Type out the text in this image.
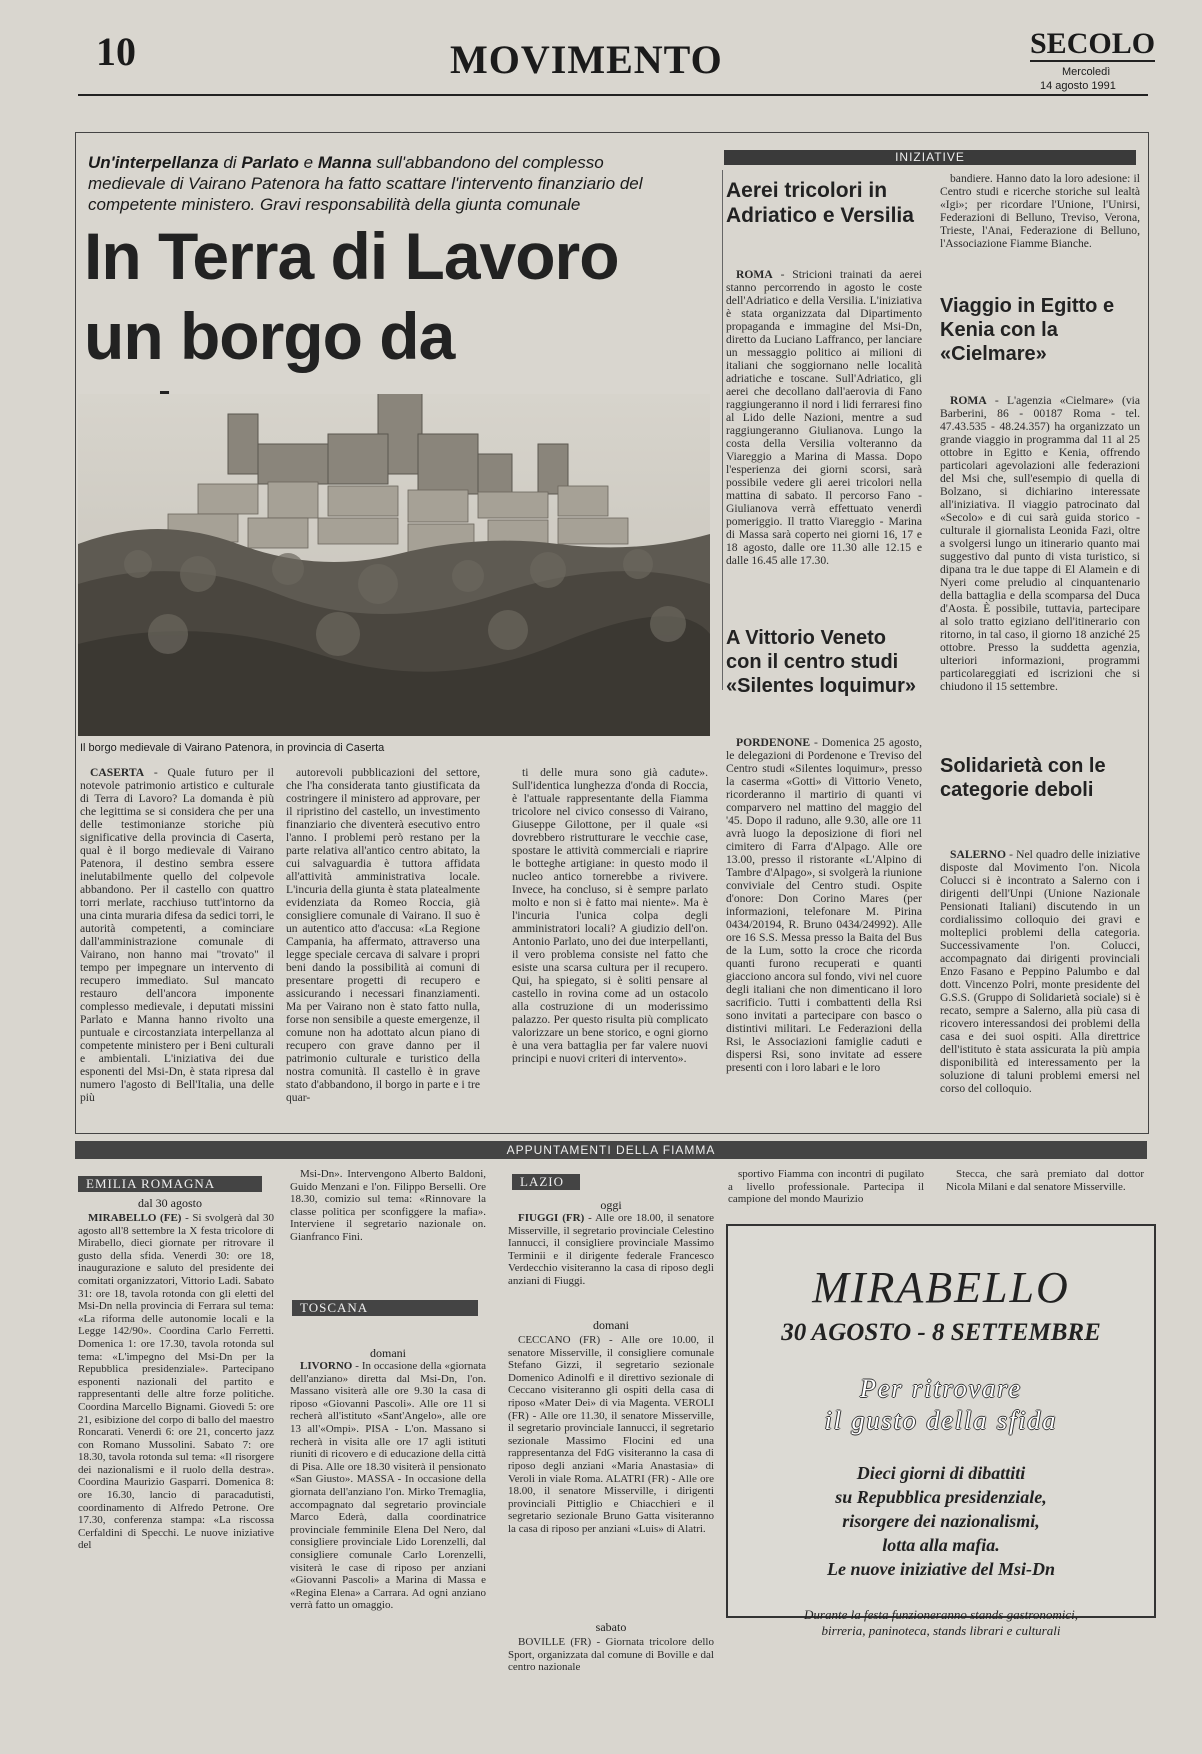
10	MOVIMENTO	SECOLO
Mercoledì
14 agosto 1991
Un'interpellanza di Parlato e Manna sull'abbandono del complesso medievale di Vairano Patenora ha fatto scattare l'intervento finanziario del competente ministero. Gravi responsabilità della giunta comunale
In Terra di Lavoro
un borgo da
Il borgo medievale di Vairano Patenora, in provincia di Caserta

CASERTA - Quale futuro per il notevole patrimonio artistico e culturale di Terra di Lavoro? La domanda è più che legittima se si considera che per una delle testimonianze storiche più significative della provincia di Caserta, qual è il borgo medievale di Vairano Patenora, il destino sembra essere inelutabilmente quello del colpevole abbandono. Per il castello con quattro torri merlate, racchiuso tutt'intorno da una cinta muraria difesa da sedici torri, le autorità competenti, a cominciare dall'amministrazione comunale di Vairano, non hanno mai "trovato" il tempo per impegnare un intervento di recupero immediato. Sul mancato restauro dell'ancora imponente complesso medievale, i deputati missini Parlato e Manna hanno rivolto una puntuale e circostanziata interpellanza al competente ministero per i Beni culturali e ambientali. L'iniziativa dei due esponenti del Msi-Dn, è stata ripresa dal numero l'agosto di Bell'Italia, una delle più

autorevoli pubblicazioni del settore, che l'ha considerata tanto giustificata da costringere il ministero ad approvare, per il ripristino del castello, un investimento finanziario che diventerà esecutivo entro l'anno. I problemi però restano per la parte relativa all'antico centro abitato, la cui salvaguardia è tuttora affidata all'attività amministrativa locale. L'incuria della giunta è stata platealmente evidenziata da Romeo Roccia, già consigliere comunale di Vairano. Il suo è un autentico atto d'accusa: «La Regione Campania, ha affermato, attraverso una legge speciale cercava di salvare i propri beni dando la possibilità ai comuni di presentare progetti di recupero e assicurando i necessari finanziamenti. Ma per Vairano non è stato fatto nulla, forse non sensibile a queste emergenze, il comune non ha adottato alcun piano di recupero con grave danno per il patrimonio culturale e turistico della nostra comunità. Il castello è in grave stato d'abbandono, il borgo in parte e i tre quar-

ti delle mura sono già cadute». Sull'identica lunghezza d'onda di Roccia, è l'attuale rappresentante della Fiamma tricolore nel civico consesso di Vairano, Giuseppe Gilottone, per il quale «si dovrebbero ristrutturare le vecchie case, spostare le attività commerciali e riaprire le botteghe artigiane: in questo modo il nucleo antico tornerebbe a rivivere. Invece, ha concluso, si è sempre parlato molto e non si è fatto mai niente». Ma è l'incuria l'unica colpa degli amministratori locali? A giudizio dell'on. Antonio Parlato, uno dei due interpellanti, il vero problema consiste nel fatto che esiste una scarsa cultura per il recupero. Qui, ha spiegato, si è soliti pensare al castello in rovina come ad un ostacolo alla costruzione di un moderissimo palazzo. Per questo risulta più complicato valorizzare un bene storico, e ogni giorno è una vera battaglia per far valere nuovi principi e nuovi criteri di intervento».

INIZIATIVE
Aerei tricolori in Adriatico e Versilia

ROMA - Stricioni trainati da aerei stanno percorrendo in agosto le coste dell'Adriatico e della Versilia. L'iniziativa è stata organizzata dal Dipartimento propaganda e immagine del Msi-Dn, diretto da Luciano Laffranco, per lanciare un messaggio politico ai milioni di italiani che soggiornano nelle località adriatiche e toscane. Sull'Adriatico, gli aerei che decollano dall'aerovia di Fano raggiungeranno il nord i lidi ferraresi fino al Lido delle Nazioni, mentre a sud raggiungeranno Giulianova. Lungo la costa della Versilia volteranno da Viareggio a Marina di Massa. Dopo l'esperienza dei giorni scorsi, sarà possibile vedere gli aerei tricolori nella mattina di sabato. Il percorso Fano - Giulianova verrà effettuato venerdì pomeriggio. Il tratto Viareggio - Marina di Massa sarà coperto nei giorni 16, 17 e 18 agosto, dalle ore 11.30 alle 12.15 e dalle 16.45 alle 17.30.

A Vittorio Veneto con il centro studi «Silentes loquimur»

PORDENONE - Domenica 25 agosto, le delegazioni di Pordenone e Treviso del Centro studi «Silentes loquimur», presso la caserma «Gotti» di Vittorio Veneto, ricorderanno il martirio di quanti vi comparvero nel mattino del maggio del '45. Dopo il raduno, alle 9.30, alle ore 11 avrà luogo la deposizione di fiori nel cimitero di Farra d'Alpago. Alle ore 13.00, presso il ristorante «L'Alpino di Tambre d'Alpago», si svolgerà la riunione conviviale del Centro studi. Ospite d'onore: Don Corino Mares (per informazioni, telefonare M. Pirina 0434/20194, R. Bruno 0434/24992). Alle ore 16 S.S. Messa presso la Baita del Bus de la Lum, sotto la croce che ricorda quanti furono recuperati e quanti giacciono ancora sul fondo, vivi nel cuore degli italiani che non dimenticano il loro sacrificio. Tutti i combattenti della Rsi sono invitati a partecipare con basco o distintivi militari. Le Federazioni della Rsi, le Associazioni famiglie caduti e dispersi Rsi, sono invitate ad essere presenti con i loro labari e le loro

bandiere. Hanno dato la loro adesione: il Centro studi e ricerche storiche sul lealtà «Igi»; per ricordare l'Unione, l'Unirsi, Federazioni di Belluno, Treviso, Verona, Trieste, l'Anai, Federazione di Belluno, l'Associazione Fiamme Bianche.

Viaggio in Egitto e Kenia con la «Cielmare»

ROMA - L'agenzia «Cielmare» (via Barberini, 86 - 00187 Roma - tel. 47.43.535 - 48.24.357) ha organizzato un grande viaggio in programma dal 11 al 25 ottobre in Egitto e Kenia, offrendo particolari agevolazioni alle federazioni del Msi che, sull'esempio di quella di Bolzano, si dichiarino interessate all'iniziativa. Il viaggio patrocinato dal «Secolo» e di cui sarà guida storico - culturale il giornalista Leonida Fazi, oltre a svolgersi lungo un itinerario quanto mai suggestivo dal punto di vista turistico, si dipana tra le due tappe di El Alamein e di Nyeri come preludio al cinquantenario della battaglia e della scomparsa del Duca d'Aosta. È possibile, tuttavia, partecipare al solo tratto egiziano dell'itinerario con ritorno, in tal caso, il giorno 18 anziché 25 ottobre. Presso la suddetta agenzia, ulteriori informazioni, programmi particolareggiati ed iscrizioni che si chiudono il 15 settembre.

Solidarietà con le categorie deboli

SALERNO - Nel quadro delle iniziative disposte dal Movimento l'on. Nicola Colucci si è incontrato a Salerno con i dirigenti dell'Unpi (Unione Nazionale Pensionati Italiani) discutendo in un cordialissimo colloquio dei gravi e molteplici problemi della categoria. Successivamente l'on. Colucci, accompagnato dai dirigenti provinciali Enzo Fasano e Peppino Palumbo e dal dott. Vincenzo Polri, monte presidente del G.S.S. (Gruppo di Solidarietà sociale) si è recato, sempre a Salerno, alla più casa di ricovero interessandosi dei problemi della casa e dei suoi ospiti. Alla direttrice dell'istituto è stata assicurata la più ampia disponibilità ed interessamento per la soluzione di taluni problemi emersi nel corso del colloquio.

APPUNTAMENTI DELLA FIAMMA
EMILIA ROMAGNA
dal 30 agosto

MIRABELLO (FE) - Si svolgerà dal 30 agosto all'8 settembre la X festa tricolore di Mirabello, dieci giornate per ritrovare il gusto della sfida. Venerdì 30: ore 18, inaugurazione e saluto del presidente dei comitati organizzatori, Vittorio Ladi. Sabato 31: ore 18, tavola rotonda con gli eletti del Msi-Dn nella provincia di Ferrara sul tema: «La riforma delle autonomie locali e la Legge 142/90». Coordina Carlo Ferretti. Domenica 1: ore 17.30, tavola rotonda sul tema: «L'impegno del Msi-Dn per la Repubblica presidenziale». Partecipano esponenti nazionali del partito e rappresentanti delle altre forze politiche. Coordina Marcello Bignami. Giovedì 5: ore 21, esibizione del corpo di ballo del maestro Roncarati. Venerdì 6: ore 21, concerto jazz con Romano Mussolini. Sabato 7: ore 18.30, tavola rotonda sul tema: «Il risorgere dei nazionalismi e il ruolo della destra». Coordina Maurizio Gasparri. Domenica 8: ore 16.30, lancio di paracadutisti, coordinamento di Alfredo Petrone. Ore 17.30, conferenza stampa: «La riscossa Cerfaldini di Specchi. Le nuove iniziative del

Msi-Dn». Intervengono Alberto Baldoni, Guido Menzani e l'on. Filippo Berselli. Ore 18.30, comizio sul tema: «Rinnovare la classe politica per sconfiggere la mafia». Interviene il segretario nazionale on. Gianfranco Fini.

TOSCANA
domani

LIVORNO - In occasione della «giornata dell'anziano» diretta dal Msi-Dn, l'on. Massano visiterà alle ore 9.30 la casa di riposo «Giovanni Pascoli». Alle ore 11 si recherà all'istituto «Sant'Angelo», alle ore 13 all'«Ompi». PISA - L'on. Massano si recherà in visita alle ore 17 agli istituti riuniti di ricovero e di educazione della città di Pisa. Alle ore 18.30 visiterà il pensionato «San Giusto». MASSA - In occasione della giornata dell'anziano l'on. Mirko Tremaglia, accompagnato dal segretario provinciale Marco Ederà, dalla coordinatrice provinciale femminile Elena Del Nero, dal consigliere provinciale Lido Lorenzelli, dal consigliere comunale Carlo Lorenzelli, visiterà le case di riposo per anziani «Giovanni Pascoli» a Marina di Massa e «Regina Elena» a Carrara. Ad ogni anziano verrà fatto un omaggio.

LAZIO
oggi

FIUGGI (FR) - Alle ore 18.00, il senatore Misserville, il segretario provinciale Celestino Iannucci, il consigliere provinciale Massimo Terminii e il dirigente federale Francesco Verdecchio visiteranno la casa di riposo degli anziani di Fiuggi.

domani

CECCANO (FR) - Alle ore 10.00, il senatore Misserville, il consigliere comunale Stefano Gizzi, il segretario sezionale Domenico Adinolfi e il direttivo sezionale di Ceccano visiteranno gli ospiti della casa di riposo «Mater Dei» di via Magenta. VEROLI (FR) - Alle ore 11.30, il senatore Misserville, il segretario provinciale Iannucci, il segretario sezionale Massimo Flocini ed una rappresentanza del FdG visiteranno la casa di riposo degli anziani «Maria Anastasia» di Veroli in viale Roma. ALATRI (FR) - Alle ore 18.00, il senatore Misserville, i dirigenti provinciali Pittiglio e Chiacchieri e il segretario sezionale Bruno Gatta visiteranno la casa di riposo per anziani «Luis» di Alatri.

sabato

BOVILLE (FR) - Giornata tricolore dello Sport, organizzata dal comune di Boville e dal centro nazionale

sportivo Fiamma con incontri di pugilato a livello professionale. Partecipa il campione del mondo Maurizio

Stecca, che sarà premiato dal dottor Nicola Milani e dal senatore Misserville.

MIRABELLO
30 AGOSTO - 8 SETTEMBRE
Per ritrovare
il gusto della sfida
Dieci giorni di dibattiti
su Repubblica presidenziale,
risorgere dei nazionalismi,
lotta alla mafia.
Le nuove iniziative del Msi-Dn
Durante la festa funzioneranno stands gastronomici,
birreria, paninoteca, stands librari e culturali
